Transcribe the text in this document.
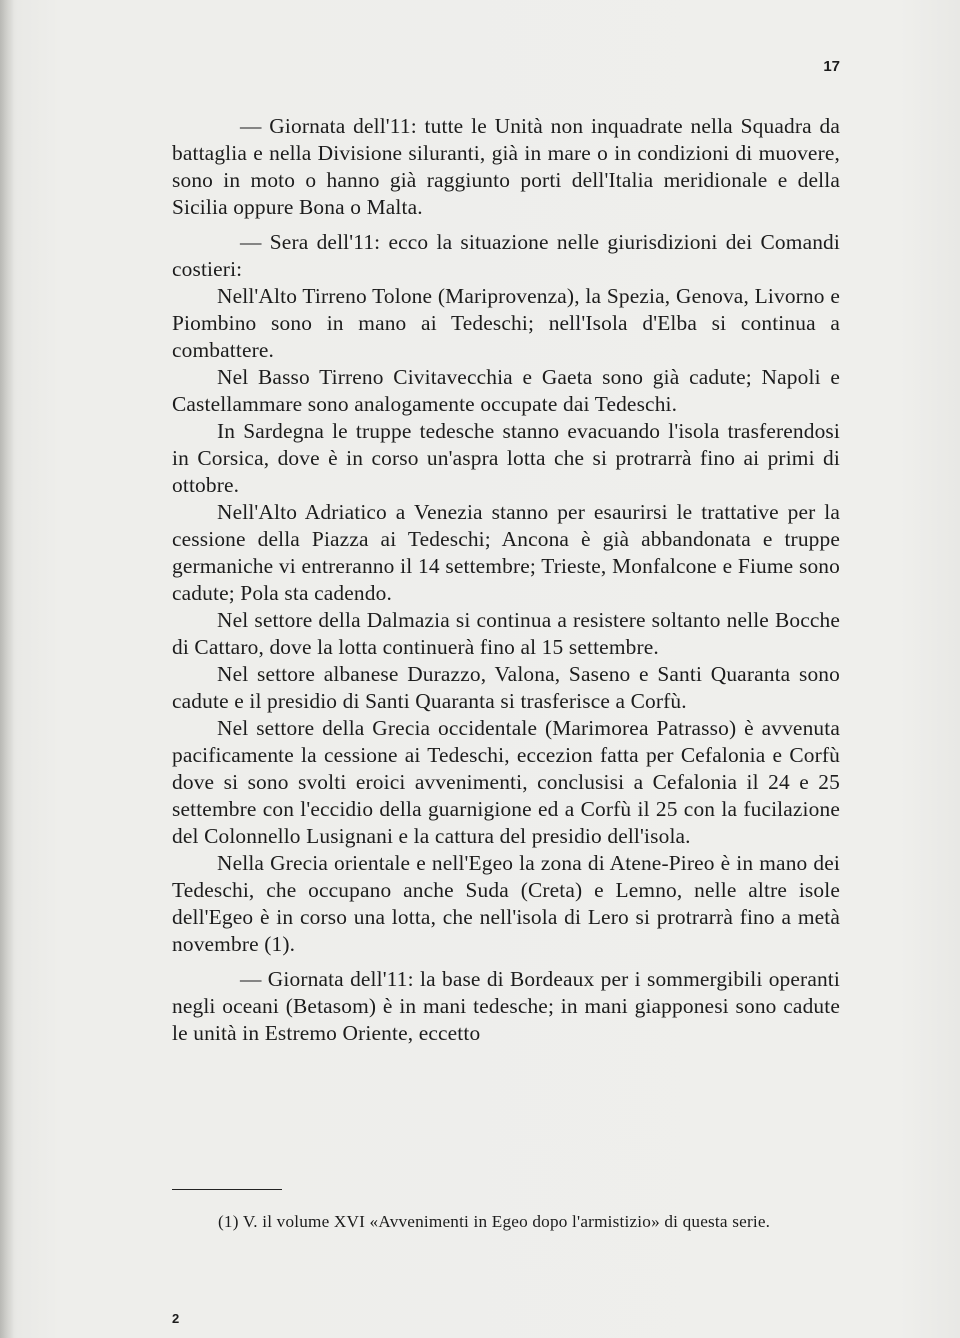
17

— Giornata dell'11: tutte le Unità non inquadrate nella Squadra da battaglia e nella Divisione siluranti, già in mare o in condizioni di muovere, sono in moto o hanno già raggiunto porti dell'Italia meridionale e della Sicilia oppure Bona o Malta.

— Sera dell'11: ecco la situazione nelle giurisdizioni dei Comandi costieri:

Nell'Alto Tirreno Tolone (Mariprovenza), la Spezia, Genova, Livorno e Piombino sono in mano ai Tedeschi; nell'Isola d'Elba si continua a combattere.

Nel Basso Tirreno Civitavecchia e Gaeta sono già cadute; Napoli e Castellammare sono analogamente occupate dai Tedeschi.

In Sardegna le truppe tedesche stanno evacuando l'isola trasferendosi in Corsica, dove è in corso un'aspra lotta che si protrarrà fino ai primi di ottobre.

Nell'Alto Adriatico a Venezia stanno per esaurirsi le trattative per la cessione della Piazza ai Tedeschi; Ancona è già abbandonata e truppe germaniche vi entreranno il 14 settembre; Trieste, Monfalcone e Fiume sono cadute; Pola sta cadendo.

Nel settore della Dalmazia si continua a resistere soltanto nelle Bocche di Cattaro, dove la lotta continuerà fino al 15 settembre.

Nel settore albanese Durazzo, Valona, Saseno e Santi Quaranta sono cadute e il presidio di Santi Quaranta si trasferisce a Corfù.

Nel settore della Grecia occidentale (Marimorea Patrasso) è avvenuta pacificamente la cessione ai Tedeschi, eccezion fatta per Cefalonia e Corfù dove si sono svolti eroici avvenimenti, conclusisi a Cefalonia il 24 e 25 settembre con l'eccidio della guarnigione ed a Corfù il 25 con la fucilazione del Colonnello Lusignani e la cattura del presidio dell'isola.

Nella Grecia orientale e nell'Egeo la zona di Atene-Pireo è in mano dei Tedeschi, che occupano anche Suda (Creta) e Lemno, nelle altre isole dell'Egeo è in corso una lotta, che nell'isola di Lero si protrarrà fino a metà novembre (1).

— Giornata dell'11: la base di Bordeaux per i sommergibili operanti negli oceani (Betasom) è in mani tedesche; in mani giapponesi sono cadute le unità in Estremo Oriente, eccetto

(1) V. il volume XVI «Avvenimenti in Egeo dopo l'armistizio» di questa serie.

2
